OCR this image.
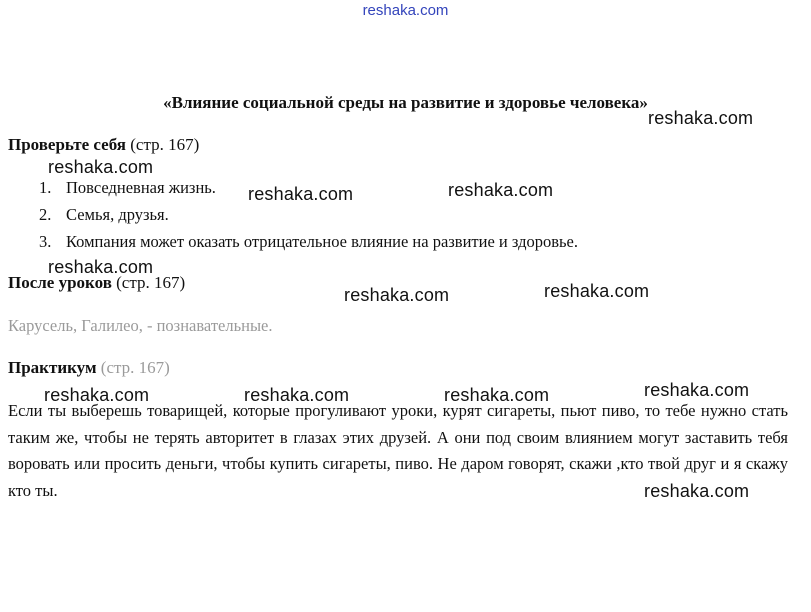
reshaka.com
«Влияние социальной среды на развитие и здоровье человека»
Проверьте себя (стр. 167)
1. Повседневная жизнь.
2. Семья, друзья.
3. Компания может оказать отрицательное влияние на развитие и здоровье.
После уроков (стр. 167)
Карусель, Галилео, - познавательные.
Практикум (стр. 167)
Если ты выберешь товарищей, которые прогуливают уроки, курят сигареты, пьют пиво, то тебе нужно стать таким же, чтобы не терять авторитет в глазах этих друзей. А они под своим влиянием могут заставить тебя воровать или просить деньги, чтобы купить сигареты, пиво. Не даром говорят, скажи ,кто твой друг и я скажу кто ты.
reshaka.com
reshaka.com
reshaka.com	reshaka.com
reshaka.com
reshaka.com	reshaka.com
reshaka.com	reshaka.com	reshaka.com	reshaka.com
reshaka.com
